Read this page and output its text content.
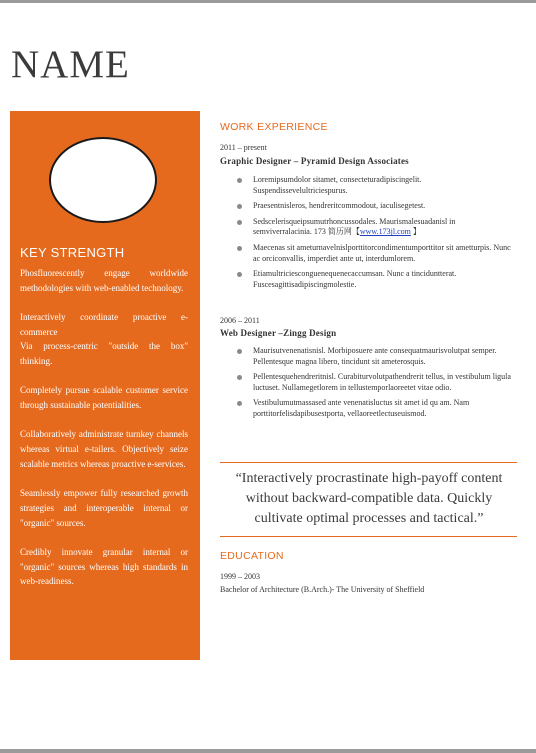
NAME
KEY STRENGTH

Phosfluorescently engage worldwide methodologies with web-enabled technology.

Interactively coordinate proactive e-commerce
Via process-centric "outside the box" thinking.

Completely pursue scalable customer service through sustainable potentialities.

Collaboratively administrate turnkey channels whereas virtual e-tailers. Objectively seize scalable metrics whereas proactive e-services.

Seamlessly empower fully researched growth strategies and interoperable internal or "organic" sources.

Credibly innovate granular internal or "organic" sources whereas high standards in web-readiness.

WORK EXPERIENCE
2011 – present
Graphic Designer – Pyramid Design Associates
Loremipsumdolor sitamet, consecteturadipiscingelit. Suspendissevelultriciespurus.
Praesentnisleros, hendreritcommodout, iaculisegetest.
Sedscelerisqueipsumutrhoncussodales. Maurismalesuadanisl in semviverralacinia. 173 简历网【www.173jl.com 】
Maecenas sit ameturnavelnislporttitorcondimentumporttitor sit ametturpis. Nunc ac orciconvallis, imperdiet ante ut, interdumlorem.
Etiamultriciesconguenequenecaccumsan. Nunc a tinciduntterat. Fuscesagittisadipiscingmolestie.
2006 – 2011
Web Designer –Zingg Design
Maurisutvenenatisnisl. Morbiposuere ante consequatmaurisvolutpat semper. Pellentesque magna libero, tincidunt sit ameterosquis.
Pellentesquehendreritnisl. Curabiturvolutpathendrerit tellus, in vestibulum ligula luctuset. Nullamegetlorem in tellustemporlaoreetet vitae odio.
Vestibulumutmassased ante venenatisluctus sit amet id qu am. Nam porttitorfelisdapibusestporta, vellaoreetlectuseuismod.
“Interactively procrastinate high-payoff content without backward-compatible data. Quickly cultivate optimal processes and tactical.”
EDUCATION
1999 – 2003
Bachelor of Architecture (B.Arch.)- The University of Sheffield
